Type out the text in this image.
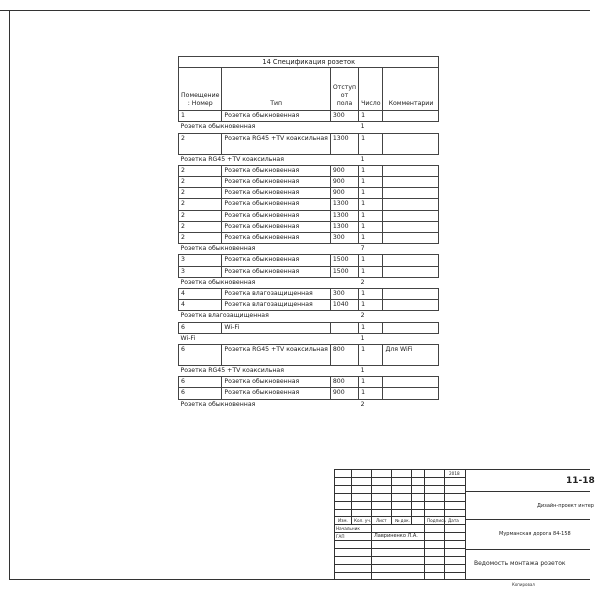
14 Спецификация розеток				
Помещение : Номер	Тип	Отступ от пола	Число	Комментарии
1	Розетка обыкновенная	300	1	
Розетка обыкновенная			1	
2	Розетка RG45 +TV коаксильная	1300	1	
Розетка RG45 +TV коаксильная			1	
2	Розетка обыкновенная	900	1	
2	Розетка обыкновенная	900	1	
2	Розетка обыкновенная	900	1	
2	Розетка обыкновенная	1300	1	
2	Розетка обыкновенная	1300	1	
2	Розетка обыкновенная	1300	1	
2	Розетка обыкновенная	300	1	
Розетка обыкновенная			7	
3	Розетка обыкновенная	1500	1	
3	Розетка обыкновенная	1500	1	
Розетка обыкновенная			2	
4	Розетка влагозащищенная	300	1	
4	Розетка влагозащищенная	1040	1	
Розетка влагозащищенная			2	
6	Wi-Fi		1	
Wi-Fi			1	
6	Розетка RG45 +TV коаксильная	800	1	Для WiFi
Розетка RG45 +TV коаксильная			1	
6	Розетка обыкновенная	800	1	
6	Розетка обыкновенная	900	1	
Розетка обыкновенная			2	
2018
Изм. Кол. уч. Лист № док.	Подпись Дата
Начальник
ГАП	Лавриненко Л.А.
11-18
Дизайн-проект интер
Мурманская дорога 84-158
Ведомость монтажа розеток
Копировал
